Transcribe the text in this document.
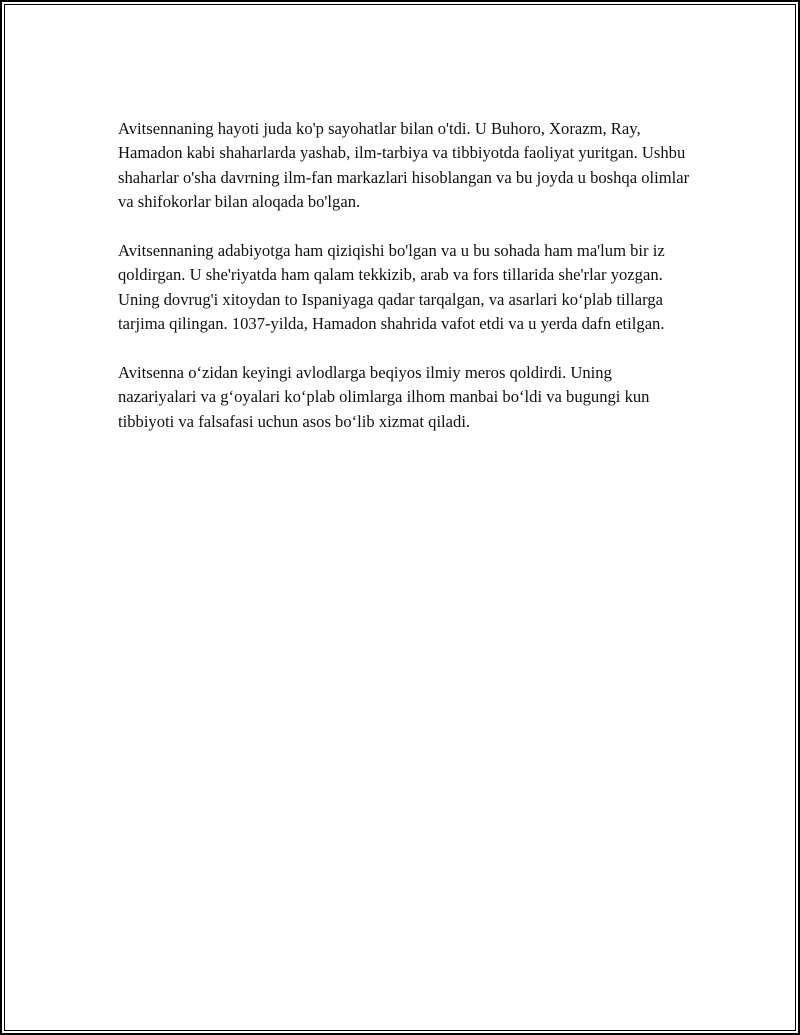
Avitsennaning hayoti juda ko'p sayohatlar bilan o'tdi. U Buhoro, Xorazm, Ray, Hamadon kabi shaharlarda yashab, ilm-tarbiya va tibbiyotda faoliyat yuritgan. Ushbu shaharlar o'sha davrning ilm-fan markazlari hisoblangan va bu joyda u boshqa olimlar va shifokorlar bilan aloqada bo'lgan.

Avitsennaning adabiyotga ham qiziqishi bo'lgan va u bu sohada ham ma'lum bir iz qoldirgan. U she'riyatda ham qalam tekkizib, arab va fors tillarida she'rlar yozgan. Uning dovrug'i xitoydan to Ispaniyaga qadar tarqalgan, va asarlari koʻplab tillarga tarjima qilingan. 1037-yilda, Hamadon shahrida vafot etdi va u yerda dafn etilgan.

Avitsenna oʻzidan keyingi avlodlarga beqiyos ilmiy meros qoldirdi. Uning nazariyalari va gʻoyalari koʻplab olimlarga ilhom manbai boʻldi va bugungi kun tibbiyoti va falsafasi uchun asos boʻlib xizmat qiladi.
